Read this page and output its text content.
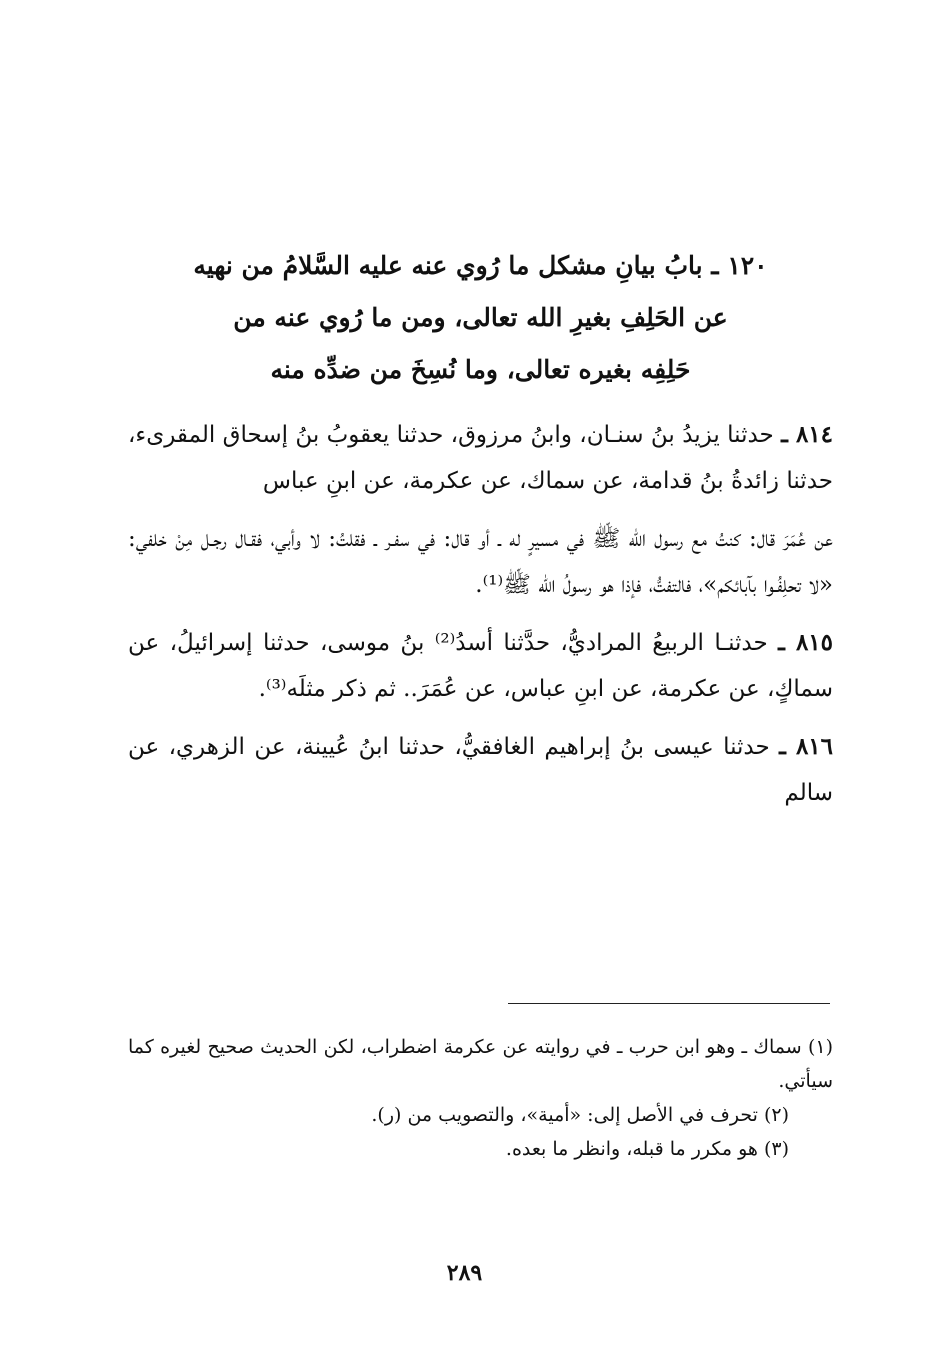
١٢٠ ـ بابُ بيانِ مشكل ما رُوي عنه عليه السَّلامُ من نهيه
عن الحَلِفِ بغيرِ الله تعالى، ومن ما رُوي عنه من
حَلِفِه بغيره تعالى، وما نُسِخَ من ضدِّه منه

٨١٤ ـ حدثنا يزيدُ بنُ سنـان، وابنُ مرزوق، حدثنا يعقوبُ بنُ إسحاق المقرىء، حدثنا زائدةُ بنُ قدامة، عن سماك، عن عكرمة، عن ابنِ عباس

عن عُمَرَ قال: كنتُ مع رسول الله ﷺ في مسيرٍ له ـ أو قال: في سفـر ـ فقلتُ: لا وأبي، فقـال رجـل مِنْ خلفي: «لا تحلِفُـوا بآبائكم»، فالتفتُّ، فإذا هو رسولُ الله ﷺ⁽¹⁾.

٨١٥ ـ حدثنـا الربيعُ المراديُّ، حدَّثنا أسدُ⁽²⁾ بنُ موسى، حدثنا إسرائيلُ، عن سماكٍ، عن عكرمة، عن ابنِ عباس، عن عُمَرَ.. ثم ذكر مثلَه⁽³⁾.

٨١٦ ـ حدثنا عيسى بنُ إبراهيم الغافقيُّ، حدثنا ابنُ عُيينة، عن الزهري، عن سالم

(١) سماك ـ وهو ابن حرب ـ في روايته عن عكرمة اضطراب، لكن الحديث صحيح لغيره كما سيأتي.

(٢) تحرف في الأصل إلى: «أمية»، والتصويب من (ر).

(٣) هو مكرر ما قبله، وانظر ما بعده.

٢٨٩
